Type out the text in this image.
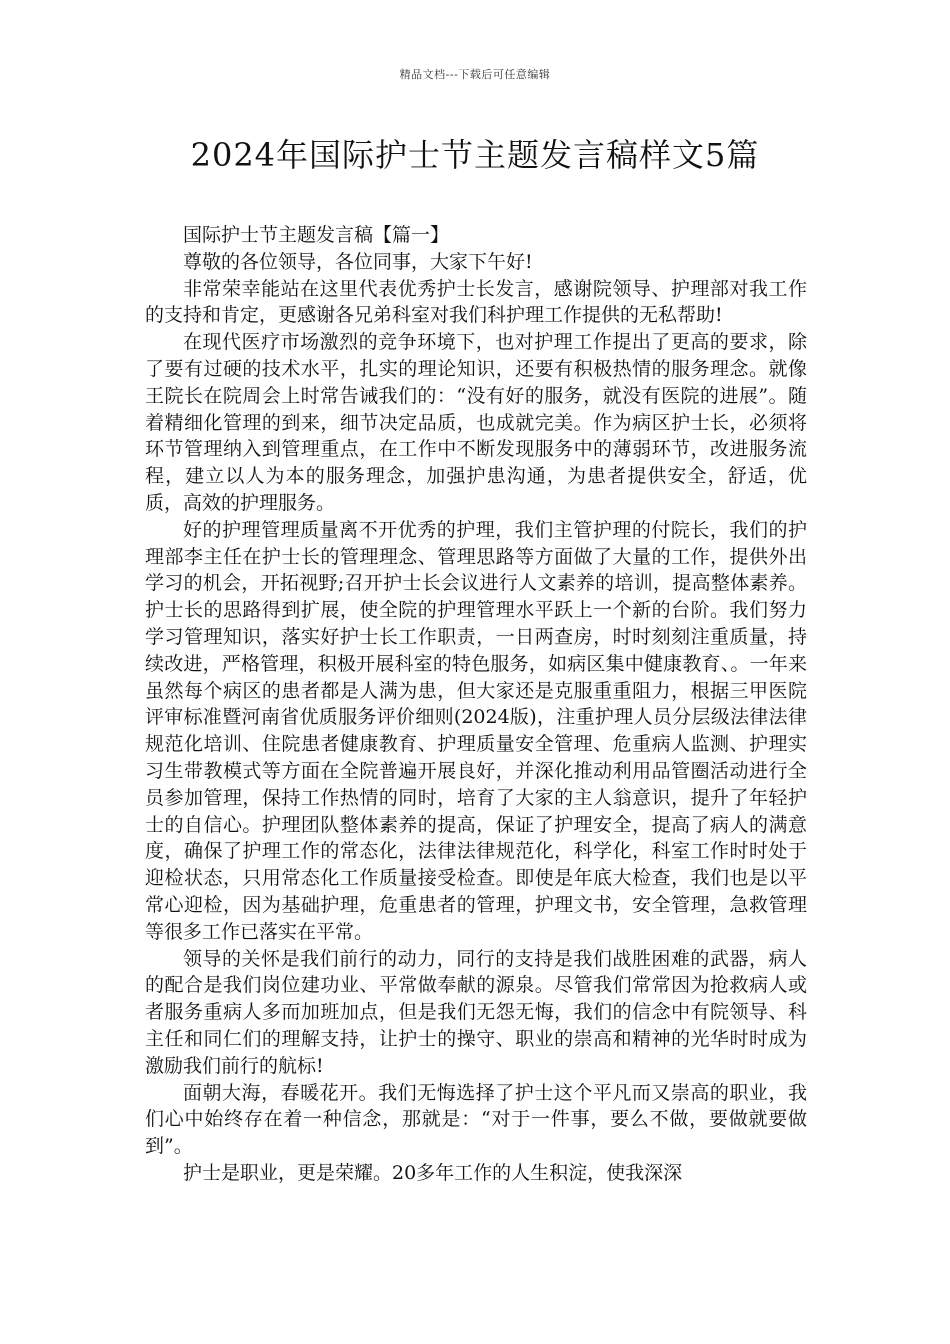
精品文档---下载后可任意编辑
2024年国际护士节主题发言稿样文5篇

国际护士节主题发言稿【篇一】

尊敬的各位领导，各位同事，大家下午好!

非常荣幸能站在这里代表优秀护士长发言，感谢院领导、护理部对我工作的支持和肯定，更感谢各兄弟科室对我们科护理工作提供的无私帮助!

在现代医疗市场激烈的竞争环境下，也对护理工作提出了更高的要求，除了要有过硬的技术水平，扎实的理论知识，还要有积极热情的服务理念。就像王院长在院周会上时常告诫我们的：“没有好的服务，就没有医院的进展”。随着精细化管理的到来，细节决定品质，也成就完美。作为病区护士长，必须将环节管理纳入到管理重点，在工作中不断发现服务中的薄弱环节，改进服务流程，建立以人为本的服务理念，加强护患沟通，为患者提供安全，舒适，优质，高效的护理服务。

好的护理管理质量离不开优秀的护理，我们主管护理的付院长，我们的护理部李主任在护士长的管理理念、管理思路等方面做了大量的工作，提供外出学习的机会，开拓视野;召开护士长会议进行人文素养的培训，提高整体素养。护士长的思路得到扩展，使全院的护理管理水平跃上一个新的台阶。我们努力学习管理知识，落实好护士长工作职责，一日两查房，时时刻刻注重质量，持续改进，严格管理，积极开展科室的特色服务，如病区集中健康教育、。一年来虽然每个病区的患者都是人满为患，但大家还是克服重重阻力，根据三甲医院评审标准暨河南省优质服务评价细则(2024版)，注重护理人员分层级法律法律规范化培训、住院患者健康教育、护理质量安全管理、危重病人监测、护理实习生带教模式等方面在全院普遍开展良好，并深化推动利用品管圈活动进行全员参加管理，保持工作热情的同时，培育了大家的主人翁意识，提升了年轻护士的自信心。护理团队整体素养的提高，保证了护理安全，提高了病人的满意度，确保了护理工作的常态化，法律法律规范化，科学化，科室工作时时处于迎检状态，只用常态化工作质量接受检查。即使是年底大检查，我们也是以平常心迎检，因为基础护理，危重患者的管理，护理文书，安全管理，急救管理等很多工作已落实在平常。

领导的关怀是我们前行的动力，同行的支持是我们战胜困难的武器，病人的配合是我们岗位建功业、平常做奉献的源泉。尽管我们常常因为抢救病人或者服务重病人多而加班加点，但是我们无怨无悔，我们的信念中有院领导、科主任和同仁们的理解支持，让护士的操守、职业的崇高和精神的光华时时成为激励我们前行的航标!

面朝大海，春暖花开。我们无悔选择了护士这个平凡而又崇高的职业，我们心中始终存在着一种信念，那就是：“对于一件事，要么不做，要做就要做到”。

护士是职业，更是荣耀。20多年工作的人生积淀，使我深深
